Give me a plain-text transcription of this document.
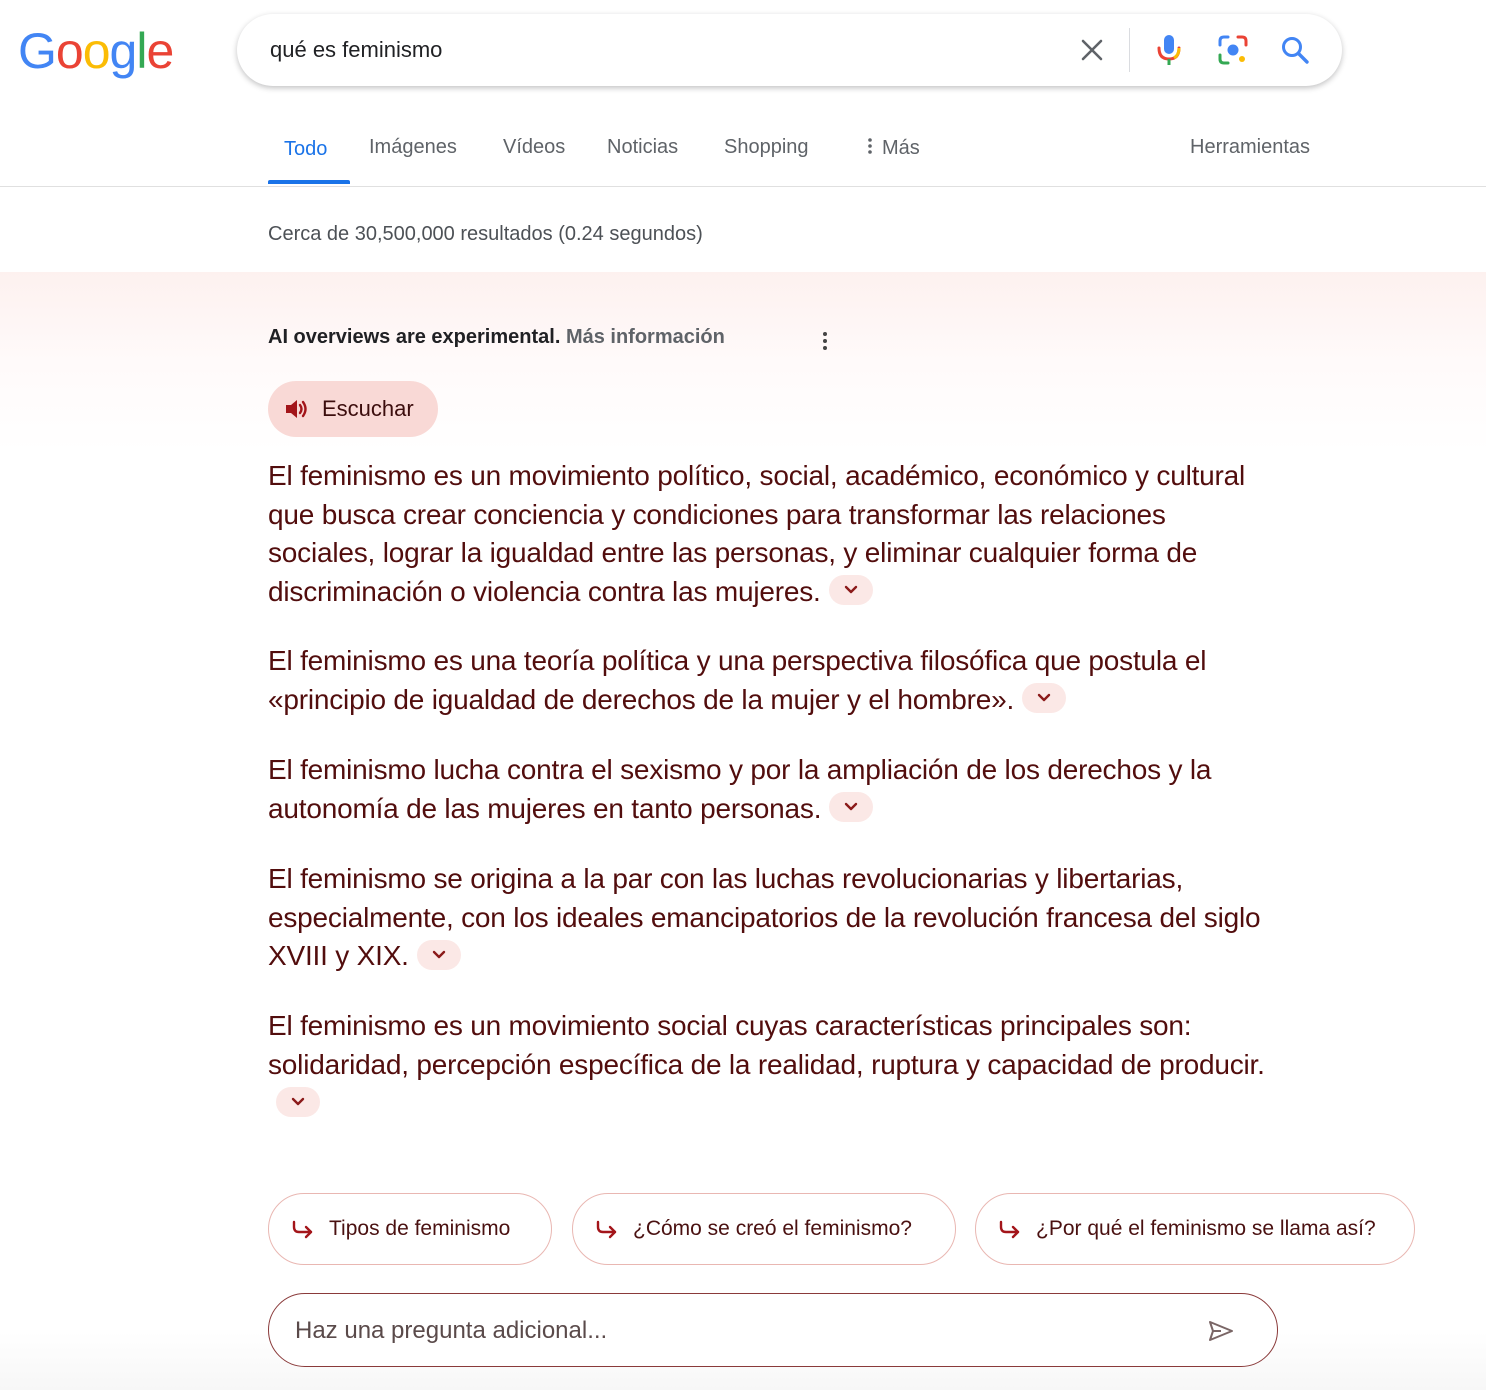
Google
qué es feminismo
Todo Imágenes Vídeos Noticias Shopping	Más	Herramientas
Cerca de 30,500,000 resultados (0.24 segundos)
AI overviews are experimental. Más información
Escuchar
El feminismo es un movimiento político, social, académico, económico y cultural que busca crear conciencia y condiciones para transformar las relaciones sociales, lograr la igualdad entre las personas, y eliminar cualquier forma de discriminación o violencia contra las mujeres.
El feminismo es una teoría política y una perspectiva filosófica que postula el «principio de igualdad de derechos de la mujer y el hombre».
El feminismo lucha contra el sexismo y por la ampliación de los derechos y la autonomía de las mujeres en tanto personas.
El feminismo se origina a la par con las luchas revolucionarias y libertarias, especialmente, con los ideales emancipatorios de la revolución francesa del siglo XVIII y XIX.
El feminismo es un movimiento social cuyas características principales son: solidaridad, percepción específica de la realidad, ruptura y capacidad de producir.
Tipos de feminismo	¿Cómo se creó el feminismo?	¿Por qué el feminismo se llama así?
Haz una pregunta adicional...
